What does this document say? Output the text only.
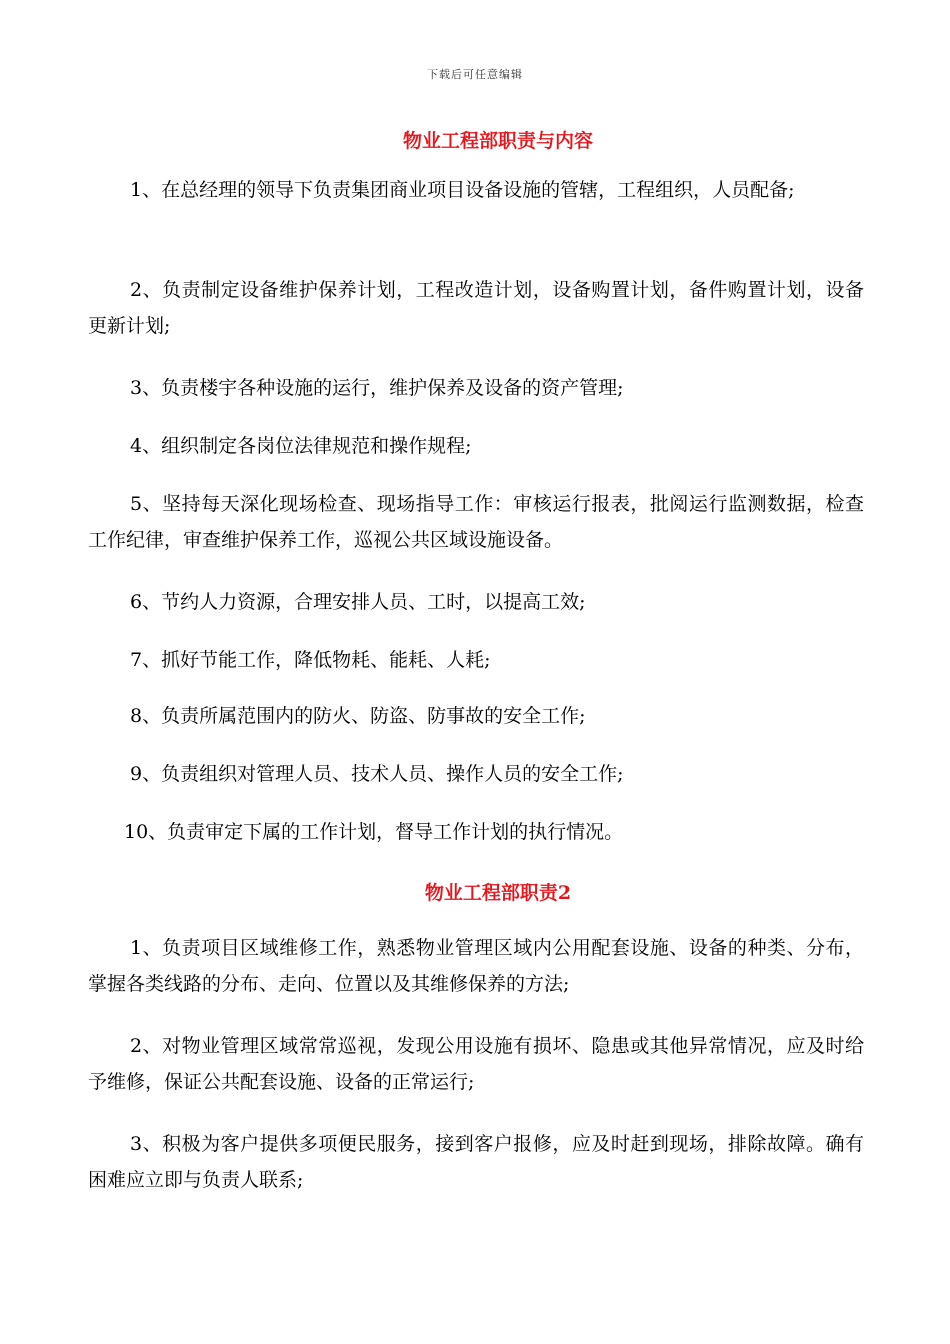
下载后可任意编辑
物业工程部职责与内容

1、在总经理的领导下负责集团商业项目设备设施的管辖，工程组织，人员配备;

2、负责制定设备维护保养计划，工程改造计划，设备购置计划，备件购置计划，设备更新计划;

3、负责楼宇各种设施的运行，维护保养及设备的资产管理;

4、组织制定各岗位法律规范和操作规程;

5、坚持每天深化现场检查、现场指导工作：审核运行报表，批阅运行监测数据，检查工作纪律，审查维护保养工作，巡视公共区域设施设备。

6、节约人力资源，合理安排人员、工时，以提高工效;

7、抓好节能工作，降低物耗、能耗、人耗;

8、负责所属范围内的防火、防盗、防事故的安全工作;

9、负责组织对管理人员、技术人员、操作人员的安全工作;

10、负责审定下属的工作计划，督导工作计划的执行情况。

物业工程部职责2

1、负责项目区域维修工作，熟悉物业管理区域内公用配套设施、设备的种类、分布，掌握各类线路的分布、走向、位置以及其维修保养的方法;

2、对物业管理区域常常巡视，发现公用设施有损坏、隐患或其他异常情况，应及时给予维修，保证公共配套设施、设备的正常运行;

3、积极为客户提供多项便民服务，接到客户报修，应及时赶到现场，排除故障。确有困难应立即与负责人联系;
